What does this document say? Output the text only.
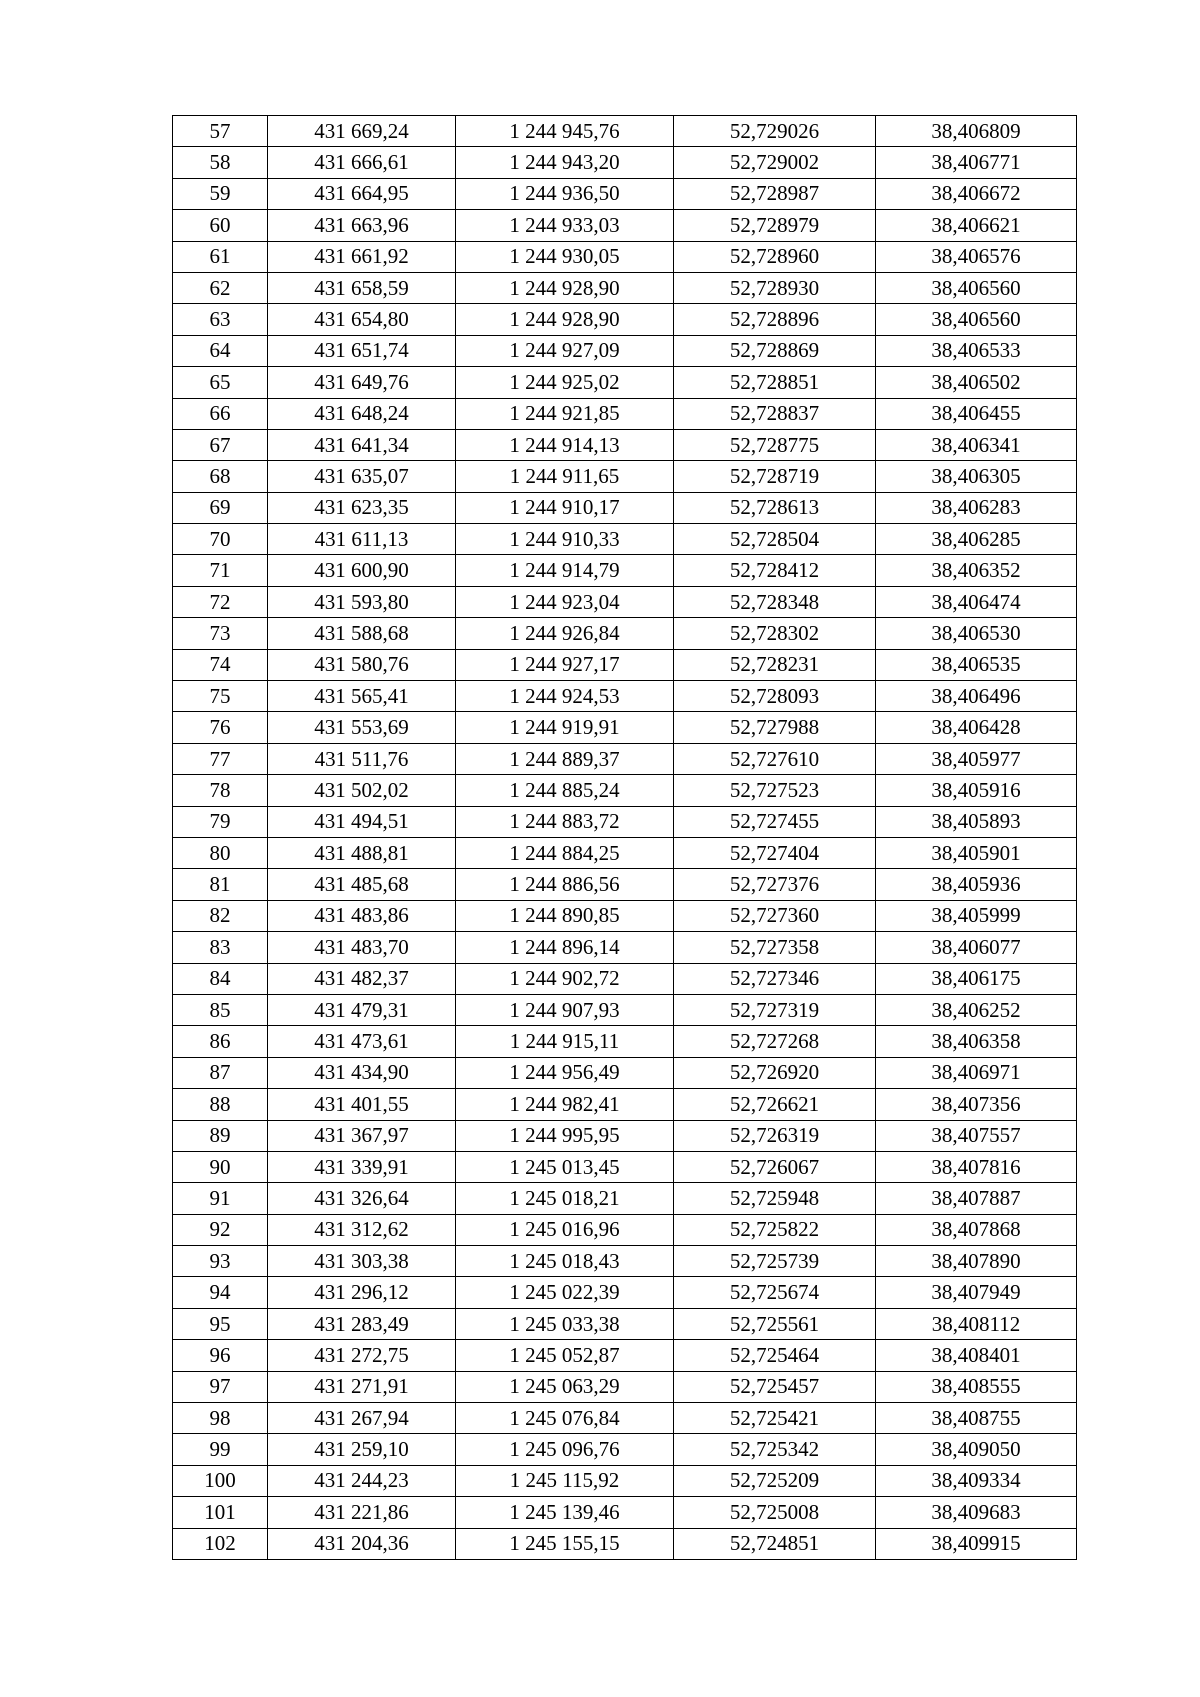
57	431 669,24	1 244 945,76	52,729026	38,406809
58	431 666,61	1 244 943,20	52,729002	38,406771
59	431 664,95	1 244 936,50	52,728987	38,406672
60	431 663,96	1 244 933,03	52,728979	38,406621
61	431 661,92	1 244 930,05	52,728960	38,406576
62	431 658,59	1 244 928,90	52,728930	38,406560
63	431 654,80	1 244 928,90	52,728896	38,406560
64	431 651,74	1 244 927,09	52,728869	38,406533
65	431 649,76	1 244 925,02	52,728851	38,406502
66	431 648,24	1 244 921,85	52,728837	38,406455
67	431 641,34	1 244 914,13	52,728775	38,406341
68	431 635,07	1 244 911,65	52,728719	38,406305
69	431 623,35	1 244 910,17	52,728613	38,406283
70	431 611,13	1 244 910,33	52,728504	38,406285
71	431 600,90	1 244 914,79	52,728412	38,406352
72	431 593,80	1 244 923,04	52,728348	38,406474
73	431 588,68	1 244 926,84	52,728302	38,406530
74	431 580,76	1 244 927,17	52,728231	38,406535
75	431 565,41	1 244 924,53	52,728093	38,406496
76	431 553,69	1 244 919,91	52,727988	38,406428
77	431 511,76	1 244 889,37	52,727610	38,405977
78	431 502,02	1 244 885,24	52,727523	38,405916
79	431 494,51	1 244 883,72	52,727455	38,405893
80	431 488,81	1 244 884,25	52,727404	38,405901
81	431 485,68	1 244 886,56	52,727376	38,405936
82	431 483,86	1 244 890,85	52,727360	38,405999
83	431 483,70	1 244 896,14	52,727358	38,406077
84	431 482,37	1 244 902,72	52,727346	38,406175
85	431 479,31	1 244 907,93	52,727319	38,406252
86	431 473,61	1 244 915,11	52,727268	38,406358
87	431 434,90	1 244 956,49	52,726920	38,406971
88	431 401,55	1 244 982,41	52,726621	38,407356
89	431 367,97	1 244 995,95	52,726319	38,407557
90	431 339,91	1 245 013,45	52,726067	38,407816
91	431 326,64	1 245 018,21	52,725948	38,407887
92	431 312,62	1 245 016,96	52,725822	38,407868
93	431 303,38	1 245 018,43	52,725739	38,407890
94	431 296,12	1 245 022,39	52,725674	38,407949
95	431 283,49	1 245 033,38	52,725561	38,408112
96	431 272,75	1 245 052,87	52,725464	38,408401
97	431 271,91	1 245 063,29	52,725457	38,408555
98	431 267,94	1 245 076,84	52,725421	38,408755
99	431 259,10	1 245 096,76	52,725342	38,409050
100	431 244,23	1 245 115,92	52,725209	38,409334
101	431 221,86	1 245 139,46	52,725008	38,409683
102	431 204,36	1 245 155,15	52,724851	38,409915
